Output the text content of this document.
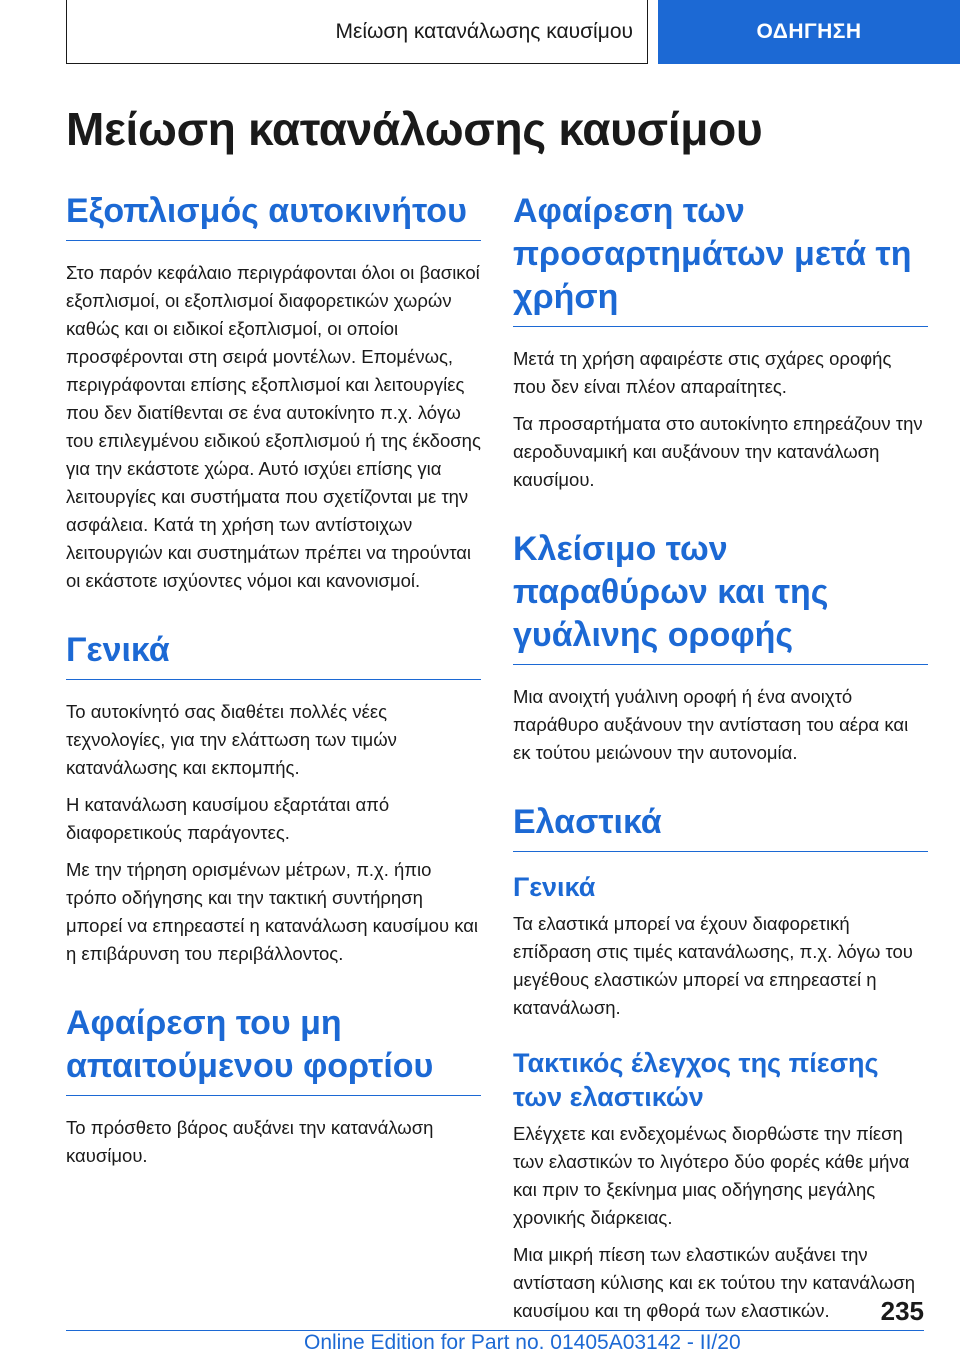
Μείωση κατανάλωσης καυσίμου	ΟΔΗΓΗΣΗ
Μείωση κατανάλωσης καυσίμου
Εξοπλισμός αυτοκινήτου

Στο παρόν κεφάλαιο περιγράφονται όλοι οι βασικοί εξοπλισμοί, οι εξοπλισμοί διαφορετικών χωρών καθώς και οι ειδικοί εξοπλισμοί, οι οποίοι προσφέρονται στη σειρά μοντέλων. Επομένως, περιγράφονται επίσης εξοπλισμοί και λειτουργίες που δεν διατίθενται σε ένα αυτοκίνητο π.χ. λόγω του επιλεγμένου ειδικού εξοπλισμού ή της έκδοσης για την εκάστοτε χώρα. Αυτό ισχύει επίσης για λειτουργίες και συστήματα που σχετίζονται με την ασφάλεια. Κατά τη χρήση των αντίστοιχων λειτουργιών και συστημάτων πρέπει να τηρούνται οι εκάστοτε ισχύοντες νόμοι και κανονισμοί.

Γενικά

Το αυτοκίνητό σας διαθέτει πολλές νέες τεχνολογίες, για την ελάττωση των τιμών κατανάλωσης και εκπομπής.

Η κατανάλωση καυσίμου εξαρτάται από διαφορετικούς παράγοντες.

Με την τήρηση ορισμένων μέτρων, π.χ. ήπιο τρόπο οδήγησης και την τακτική συντήρηση μπορεί να επηρεαστεί η κατανάλωση καυσίμου και η επιβάρυνση του περιβάλλοντος.

Αφαίρεση του μη απαιτούμενου φορτίου

Το πρόσθετο βάρος αυξάνει την κατανάλωση καυσίμου.

Αφαίρεση των προσαρτημάτων μετά τη χρήση

Μετά τη χρήση αφαιρέστε στις σχάρες οροφής που δεν είναι πλέον απαραίτητες.

Τα προσαρτήματα στο αυτοκίνητο επηρεάζουν την αεροδυναμική και αυξάνουν την κατανάλωση καυσίμου.

Κλείσιμο των παραθύρων και της γυάλινης οροφής

Μια ανοιχτή γυάλινη οροφή ή ένα ανοιχτό παράθυρο αυξάνουν την αντίσταση του αέρα και εκ τούτου μειώνουν την αυτονομία.

Ελαστικά
Γενικά

Τα ελαστικά μπορεί να έχουν διαφορετική επίδραση στις τιμές κατανάλωσης, π.χ. λόγω του μεγέθους ελαστικών μπορεί να επηρεαστεί η κατανάλωση.

Τακτικός έλεγχος της πίεσης των ελαστικών

Ελέγχετε και ενδεχομένως διορθώστε την πίεση των ελαστικών το λιγότερο δύο φορές κάθε μήνα και πριν το ξεκίνημα μιας οδήγησης μεγάλης χρονικής διάρκειας.

Μια μικρή πίεση των ελαστικών αυξάνει την αντίσταση κύλισης και εκ τούτου την κατανάλωση καυσίμου και τη φθορά των ελαστικών.	235
Online Edition for Part no. 01405A03142 - II/20
